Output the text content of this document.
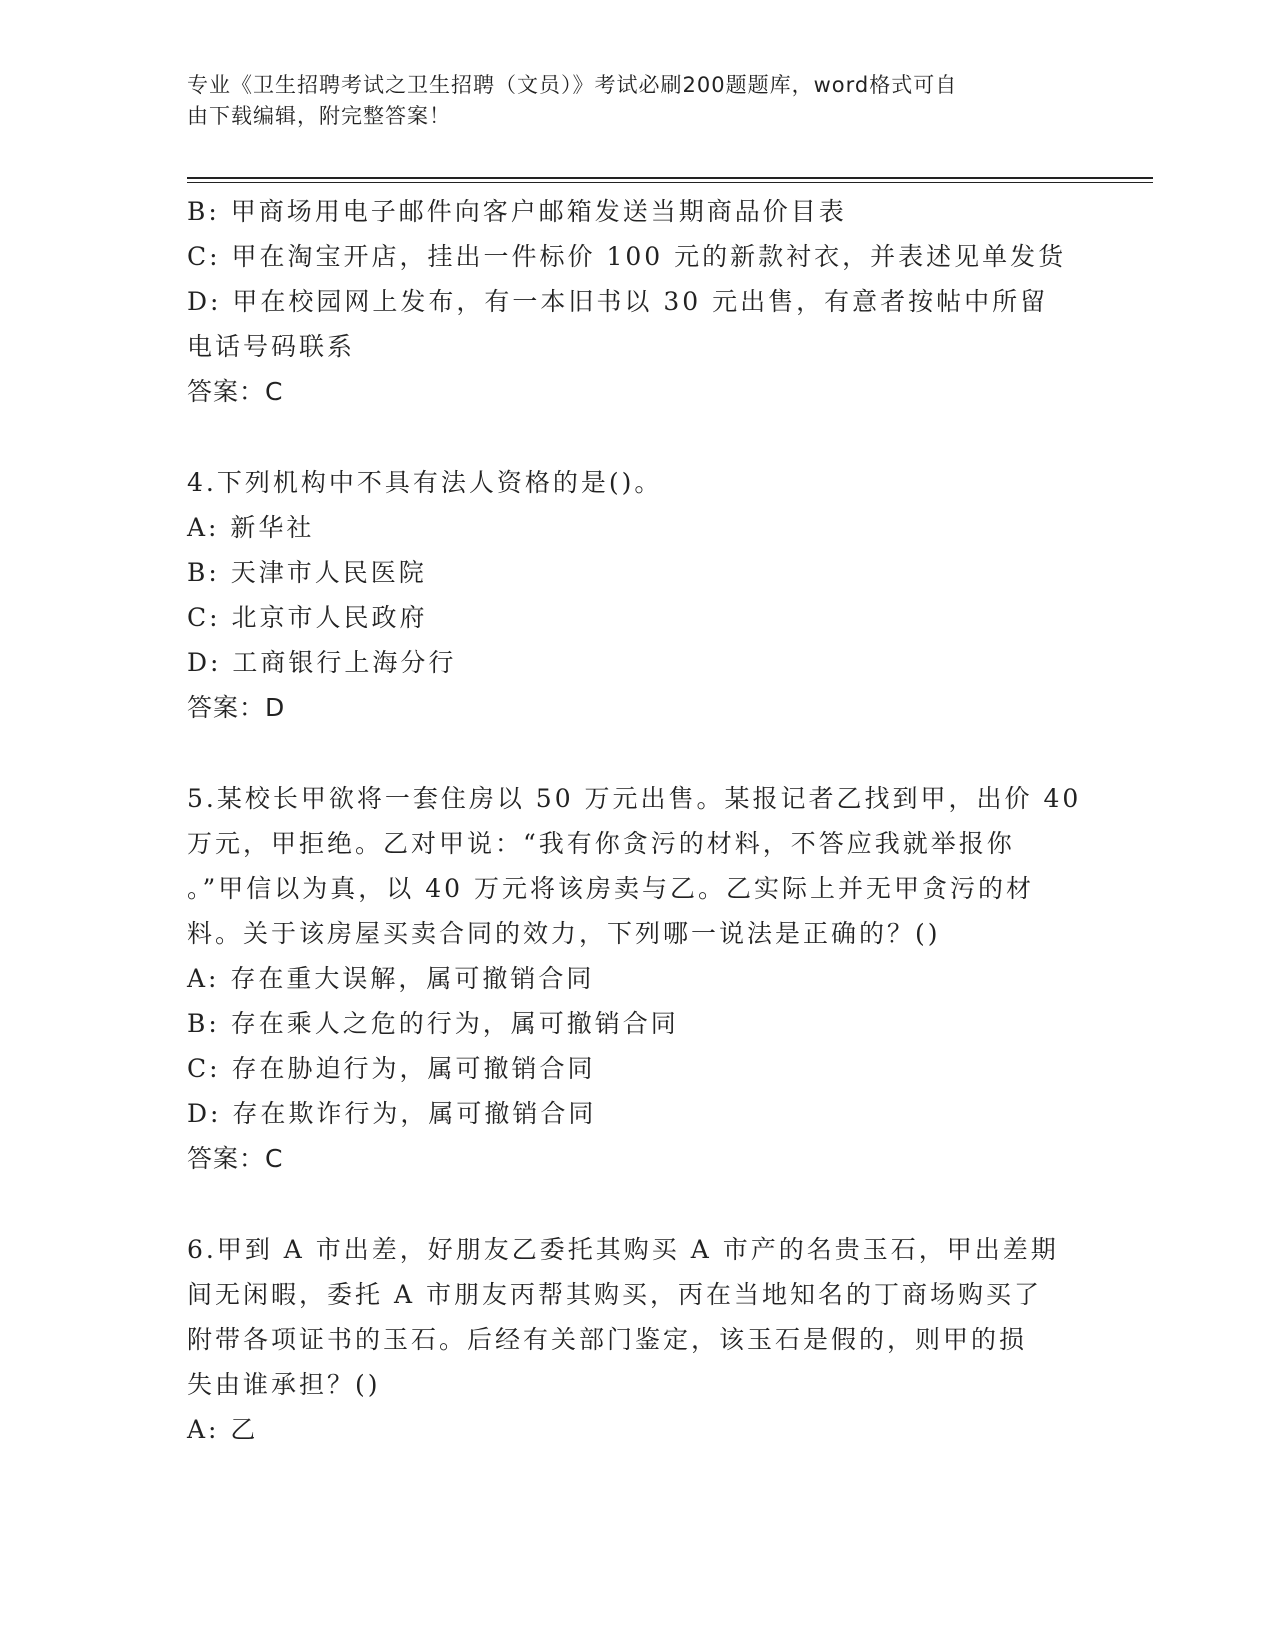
专业《卫生招聘考试之卫生招聘（文员）》考试必刷200题题库，word格式可自
由下载编辑，附完整答案！
B: 甲商场用电子邮件向客户邮箱发送当期商品价目表
C: 甲在淘宝开店，挂出一件标价 100 元的新款衬衣，并表述见单发货
D: 甲在校园网上发布，有一本旧书以 30 元出售，有意者按帖中所留
电话号码联系
答案：C
4.下列机构中不具有法人资格的是()。
A: 新华社
B: 天津市人民医院
C: 北京市人民政府
D: 工商银行上海分行
答案：D
5.某校长甲欲将一套住房以 50 万元出售。某报记者乙找到甲，出价 40
万元，甲拒绝。乙对甲说：“我有你贪污的材料，不答应我就举报你
。”甲信以为真，以 40 万元将该房卖与乙。乙实际上并无甲贪污的材
料。关于该房屋买卖合同的效力，下列哪一说法是正确的？()
A: 存在重大误解，属可撤销合同
B: 存在乘人之危的行为，属可撤销合同
C: 存在胁迫行为，属可撤销合同
D: 存在欺诈行为，属可撤销合同
答案：C
6.甲到 A 市出差，好朋友乙委托其购买 A 市产的名贵玉石，甲出差期
间无闲暇，委托 A 市朋友丙帮其购买，丙在当地知名的丁商场购买了
附带各项证书的玉石。后经有关部门鉴定，该玉石是假的，则甲的损
失由谁承担？()
A: 乙
